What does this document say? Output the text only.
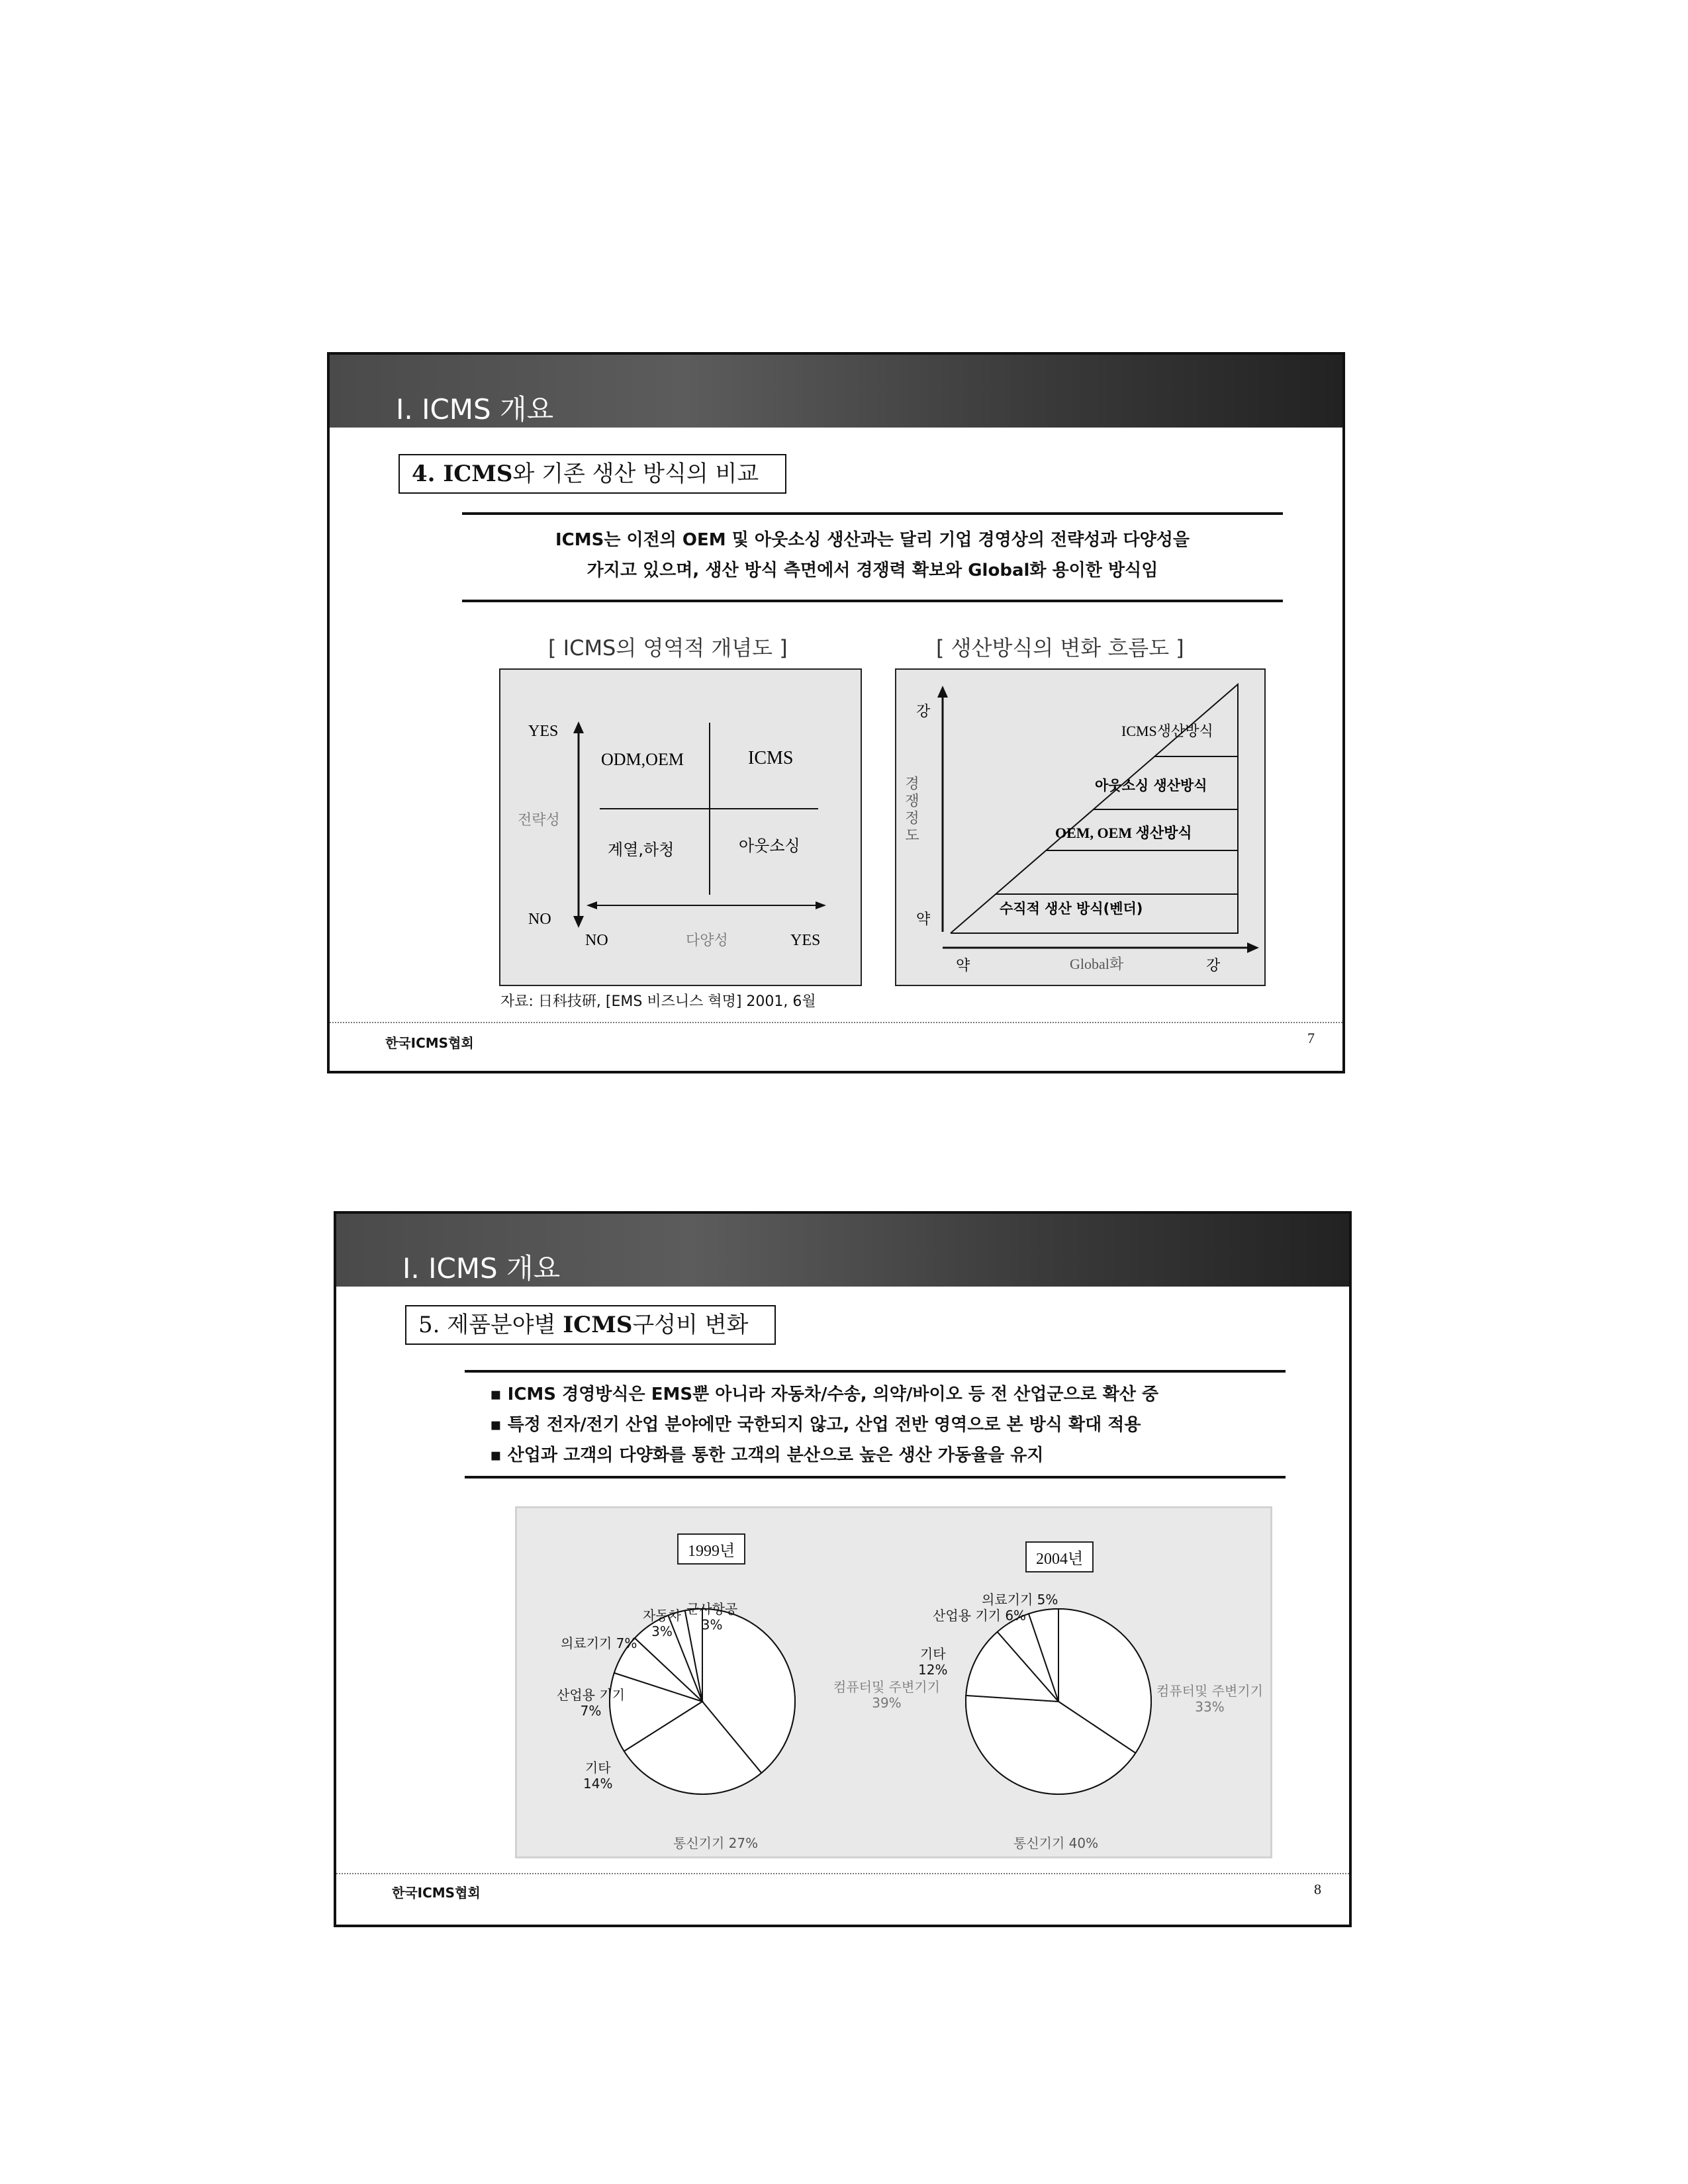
I. ICMS 개요
4. ICMS와 기존 생산 방식의 비교
ICMS는 이전의 OEM 및 아웃소싱 생산과는 달리 기업 경영상의 전략성과 다양성을
가지고 있으며, 생산 방식 측면에서 경쟁력 확보와 Global화 용이한 방식임
[ ICMS의 영역적 개념도 ]
YES
NO
전략성
NO	다양성	YES
ODM,OEM	ICMS
계열,하청	아웃소싱
[ 생산방식의 변화 흐름도 ]
강
경쟁정도
약
약	Global화	강
ICMS생산방식
아웃소싱 생산방식
OEM, OEM 생산방식
수직적 생산 방식(벤더)
자료: 日科技硏, [EMS 비즈니스 혁명] 2001, 6월
한국ICMS협회	7
I. ICMS 개요
5. 제품분야별 ICMS구성비 변화
▪ ICMS 경영방식은 EMS뿐 아니라 자동차/수송, 의약/바이오 등 전 산업군으로 확산 중
▪ 특정 전자/전기 산업 분야에만 국한되지 않고, 산업 전반 영역으로 본 방식 확대 적용
▪ 산업과 고객의 다양화를 통한 고객의 분산으로 높은 생산 가동율을 유지
1999년	2004년
컴퓨터및 주변기기
39%
통신기기 27%
기타
14%
산업용 기기
7%
의료기기 7%
자동차
3%
군사항공
3%
컴퓨터및 주변기기
33%
통신기기 40%
기타
12%
산업용 기기 6%
의료기기 5%
한국ICMS협회	8
